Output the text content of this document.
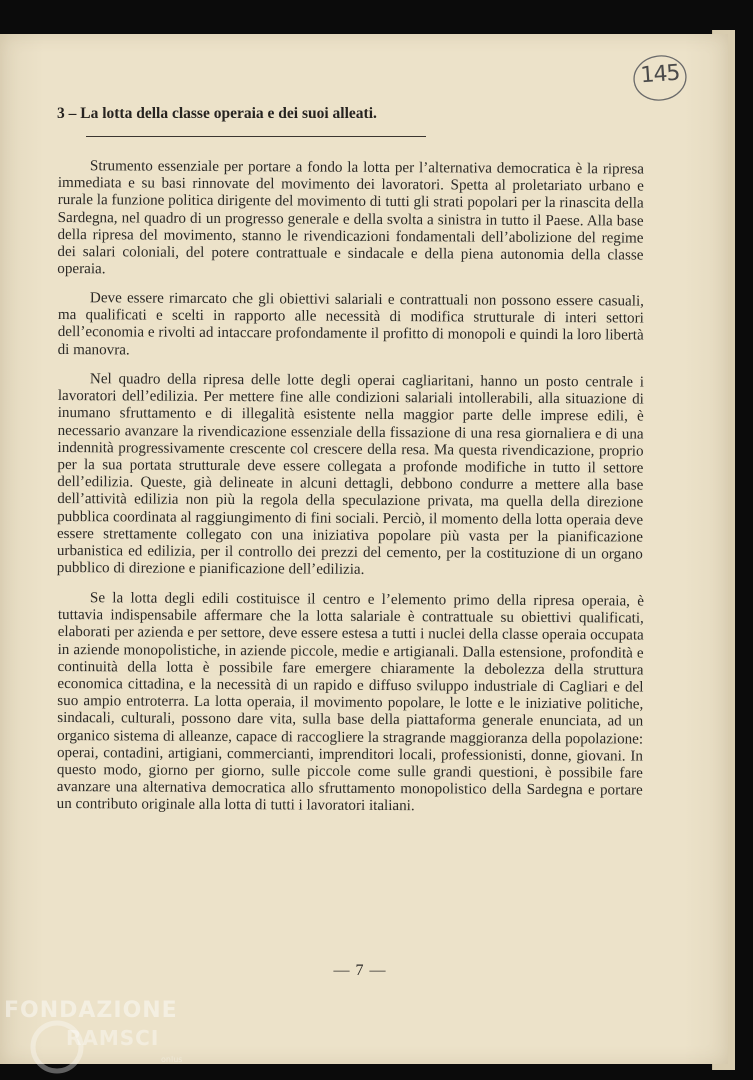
145
3 – La lotta della classe operaia e dei suoi alleati.

Strumento essenziale per portare a fondo la lotta per l’alternativa democratica è la ripresa immediata e su basi rinnovate del movimento dei lavoratori. Spetta al proletariato urbano e rurale la funzione politica dirigente del movimento di tutti gli strati popolari per la rinascita della Sardegna, nel quadro di un progresso generale e della svolta a sinistra in tutto il Paese. Alla base della ripresa del movimento, stanno le rivendicazioni fondamentali dell’abolizione del regime dei salari coloniali, del potere contrattuale e sindacale e della piena autonomia della classe operaia.

Deve essere rimarcato che gli obiettivi salariali e contrattuali non possono essere casuali, ma qualificati e scelti in rapporto alle necessità di modifica strutturale di interi settori dell’economia e rivolti ad intaccare profondamente il profitto di monopoli e quindi la loro libertà di manovra.

Nel quadro della ripresa delle lotte degli operai cagliaritani, hanno un posto centrale i lavoratori dell’edilizia. Per mettere fine alle condizioni salariali intollerabili, alla situazione di inumano sfruttamento e di illegalità esistente nella maggior parte delle imprese edili, è necessario avanzare la rivendicazione essenziale della fissazione di una resa giornaliera e di una indennità progressivamente crescente col crescere della resa. Ma questa rivendicazione, proprio per la sua portata strutturale deve essere collegata a profonde modifiche in tutto il settore dell’edilizia. Queste, già delineate in alcuni dettagli, debbono condurre a mettere alla base dell’attività edilizia non più la regola della speculazione privata, ma quella della direzione pubblica coordinata al raggiungimento di fini sociali. Perciò, il momento della lotta operaia deve essere strettamente collegato con una iniziativa popolare più vasta per la pianificazione urbanistica ed edilizia, per il controllo dei prezzi del cemento, per la costituzione di un organo pubblico di direzione e pianificazione dell’edilizia.

Se la lotta degli edili costituisce il centro e l’elemento primo della ripresa operaia, è tuttavia indispensabile affermare che la lotta salariale è contrattuale su obiettivi qualificati, elaborati per azienda e per settore, deve essere estesa a tutti i nuclei della classe operaia occupata in aziende monopolistiche, in aziende piccole, medie e artigianali. Dalla estensione, profondità e continuità della lotta è possibile fare emergere chiaramente la debolezza della struttura economica cittadina, e la necessità di un rapido e diffuso sviluppo industriale di Cagliari e del suo ampio entroterra. La lotta operaia, il movimento popolare, le lotte e le iniziative politiche, sindacali, culturali, possono dare vita, sulla base della piattaforma generale enunciata, ad un organico sistema di alleanze, capace di raccogliere la stragrande maggioranza della popolazione: operai, contadini, artigiani, commercianti, imprenditori locali, professionisti, donne, giovani. In questo modo, giorno per giorno, sulle piccole come sulle grandi questioni, è possibile fare avanzare una alternativa democratica allo sfruttamento monopolistico della Sardegna e portare un contributo originale alla lotta di tutti i lavoratori italiani.

— 7 —
FONDAZIONE
RAMSCI
onlus
